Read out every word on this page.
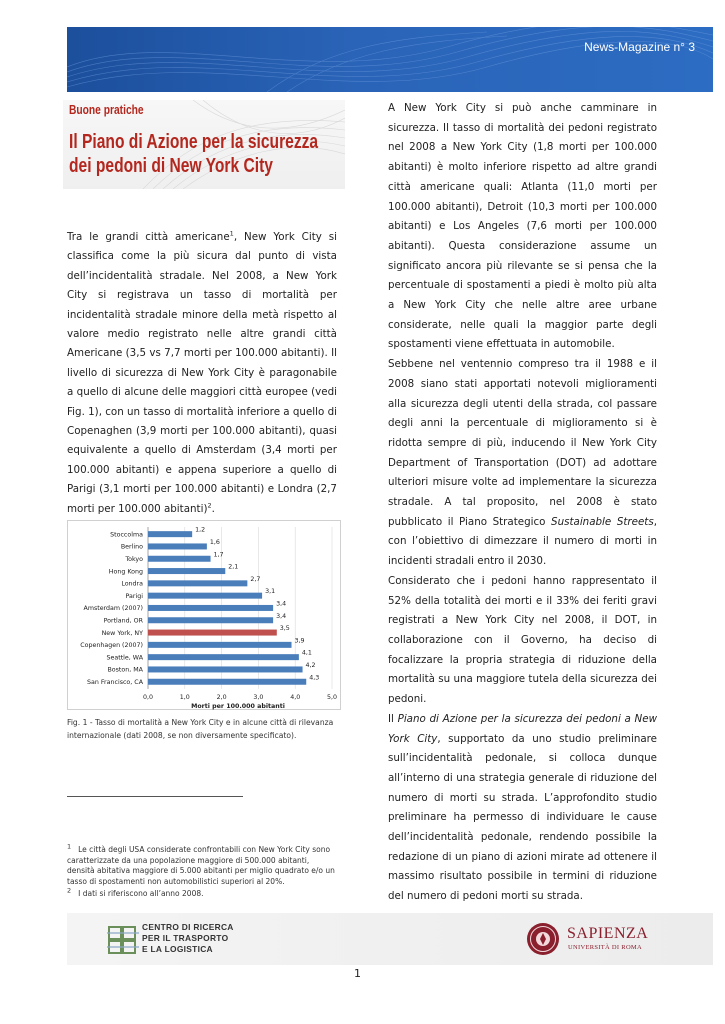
News-Magazine n° 3
Buone pratiche
Il Piano di Azione per la sicurezza dei pedoni di New York City
Tra le grandi città americane$^1$, New York City si classifica come la più sicura dal punto di vista dell’incidentalità stradale. Nel 2008, a New York City si registrava un tasso di mortalità per incidentalità stradale minore della metà rispetto al valore medio registrato nelle altre grandi città Americane (3,5 vs 7,7 morti per 100.000 abitanti). Il livello di sicurezza di New York City è paragonabile a quello di alcune delle maggiori città europee (vedi Fig. 1), con un tasso di mortalità inferiore a quello di Copenaghen (3,9 morti per 100.000 abitanti), quasi equivalente a quello di Amsterdam (3,4 morti per 100.000 abitanti) e appena superiore a quello di Parigi (3,1 morti per 100.000 abitanti) e Londra (2,7 morti per 100.000 abitanti)$^2$.
0,0	1,0	2,0	3,0	4,0	5,0
Stoccolma
1,2
Berlino
1,6
Tokyo
1,7
Hong Kong
2,1
Londra
2,7
Parigi
3,1
Amsterdam (2007)
3,4
Portland, OR
3,4
New York, NY
3,5
Copenhagen (2007)
3,9
Seattle, WA
4,1
Boston, MA
4,2
San Francisco, CA
4,3
Morti per 100.000 abitanti
Fig. 1 - Tasso di mortalità a New York City e in alcune città di rilevanza internazionale (dati 2008, se non diversamente specificato).

$^1$ Le città degli USA considerate confrontabili con New York City sono caratterizzate da una popolazione maggiore di 500.000 abitanti, densità abitativa maggiore di 5.000 abitanti per miglio quadrato e/o un tasso di spostamenti non automobilistici superiori al 20%.

$^2$ I dati si riferiscono all’anno 2008.

A New York City si può anche camminare in sicurezza. Il tasso di mortalità dei pedoni registrato nel 2008 a New York City (1,8 morti per 100.000 abitanti) è molto inferiore rispetto ad altre grandi città americane quali: Atlanta (11,0 morti per 100.000 abitanti), Detroit (10,3 morti per 100.000 abitanti) e Los Angeles (7,6 morti per 100.000 abitanti). Questa considerazione assume un significato ancora più rilevante se si pensa che la percentuale di spostamenti a piedi è molto più alta a New York City che nelle altre aree urbane considerate, nelle quali la maggior parte degli spostamenti viene effettuata in automobile.

Sebbene nel ventennio compreso tra il 1988 e il 2008 siano stati apportati notevoli miglioramenti alla sicurezza degli utenti della strada, col passare degli anni la percentuale di miglioramento si è ridotta sempre di più, inducendo il New York City Department of Transportation (DOT) ad adottare ulteriori misure volte ad implementare la sicurezza stradale. A tal proposito, nel 2008 è stato pubblicato il Piano Strategico Sustainable Streets, con l’obiettivo di dimezzare il numero di morti in incidenti stradali entro il 2030.

Considerato che i pedoni hanno rappresentato il 52% della totalità dei morti e il 33% dei feriti gravi registrati a New York City nel 2008, il DOT, in collaborazione con il Governo, ha deciso di focalizzare la propria strategia di riduzione della mortalità su una maggiore tutela della sicurezza dei pedoni.

Il Piano di Azione per la sicurezza dei pedoni a New York City, supportato da uno studio preliminare sull’incidentalità pedonale, si colloca dunque all’interno di una strategia generale di riduzione del numero di morti su strada. L’approfondito studio preliminare ha permesso di individuare le cause dell’incidentalità pedonale, rendendo possibile la redazione di un piano di azioni mirate ad ottenere il massimo risultato possibile in termini di riduzione del numero di pedoni morti su strada.

CENTRO DI RICERCA
PER IL TRASPORTO
E LA LOGISTICA
SAPIENZA
UNIVERSITÀ DI ROMA
1
